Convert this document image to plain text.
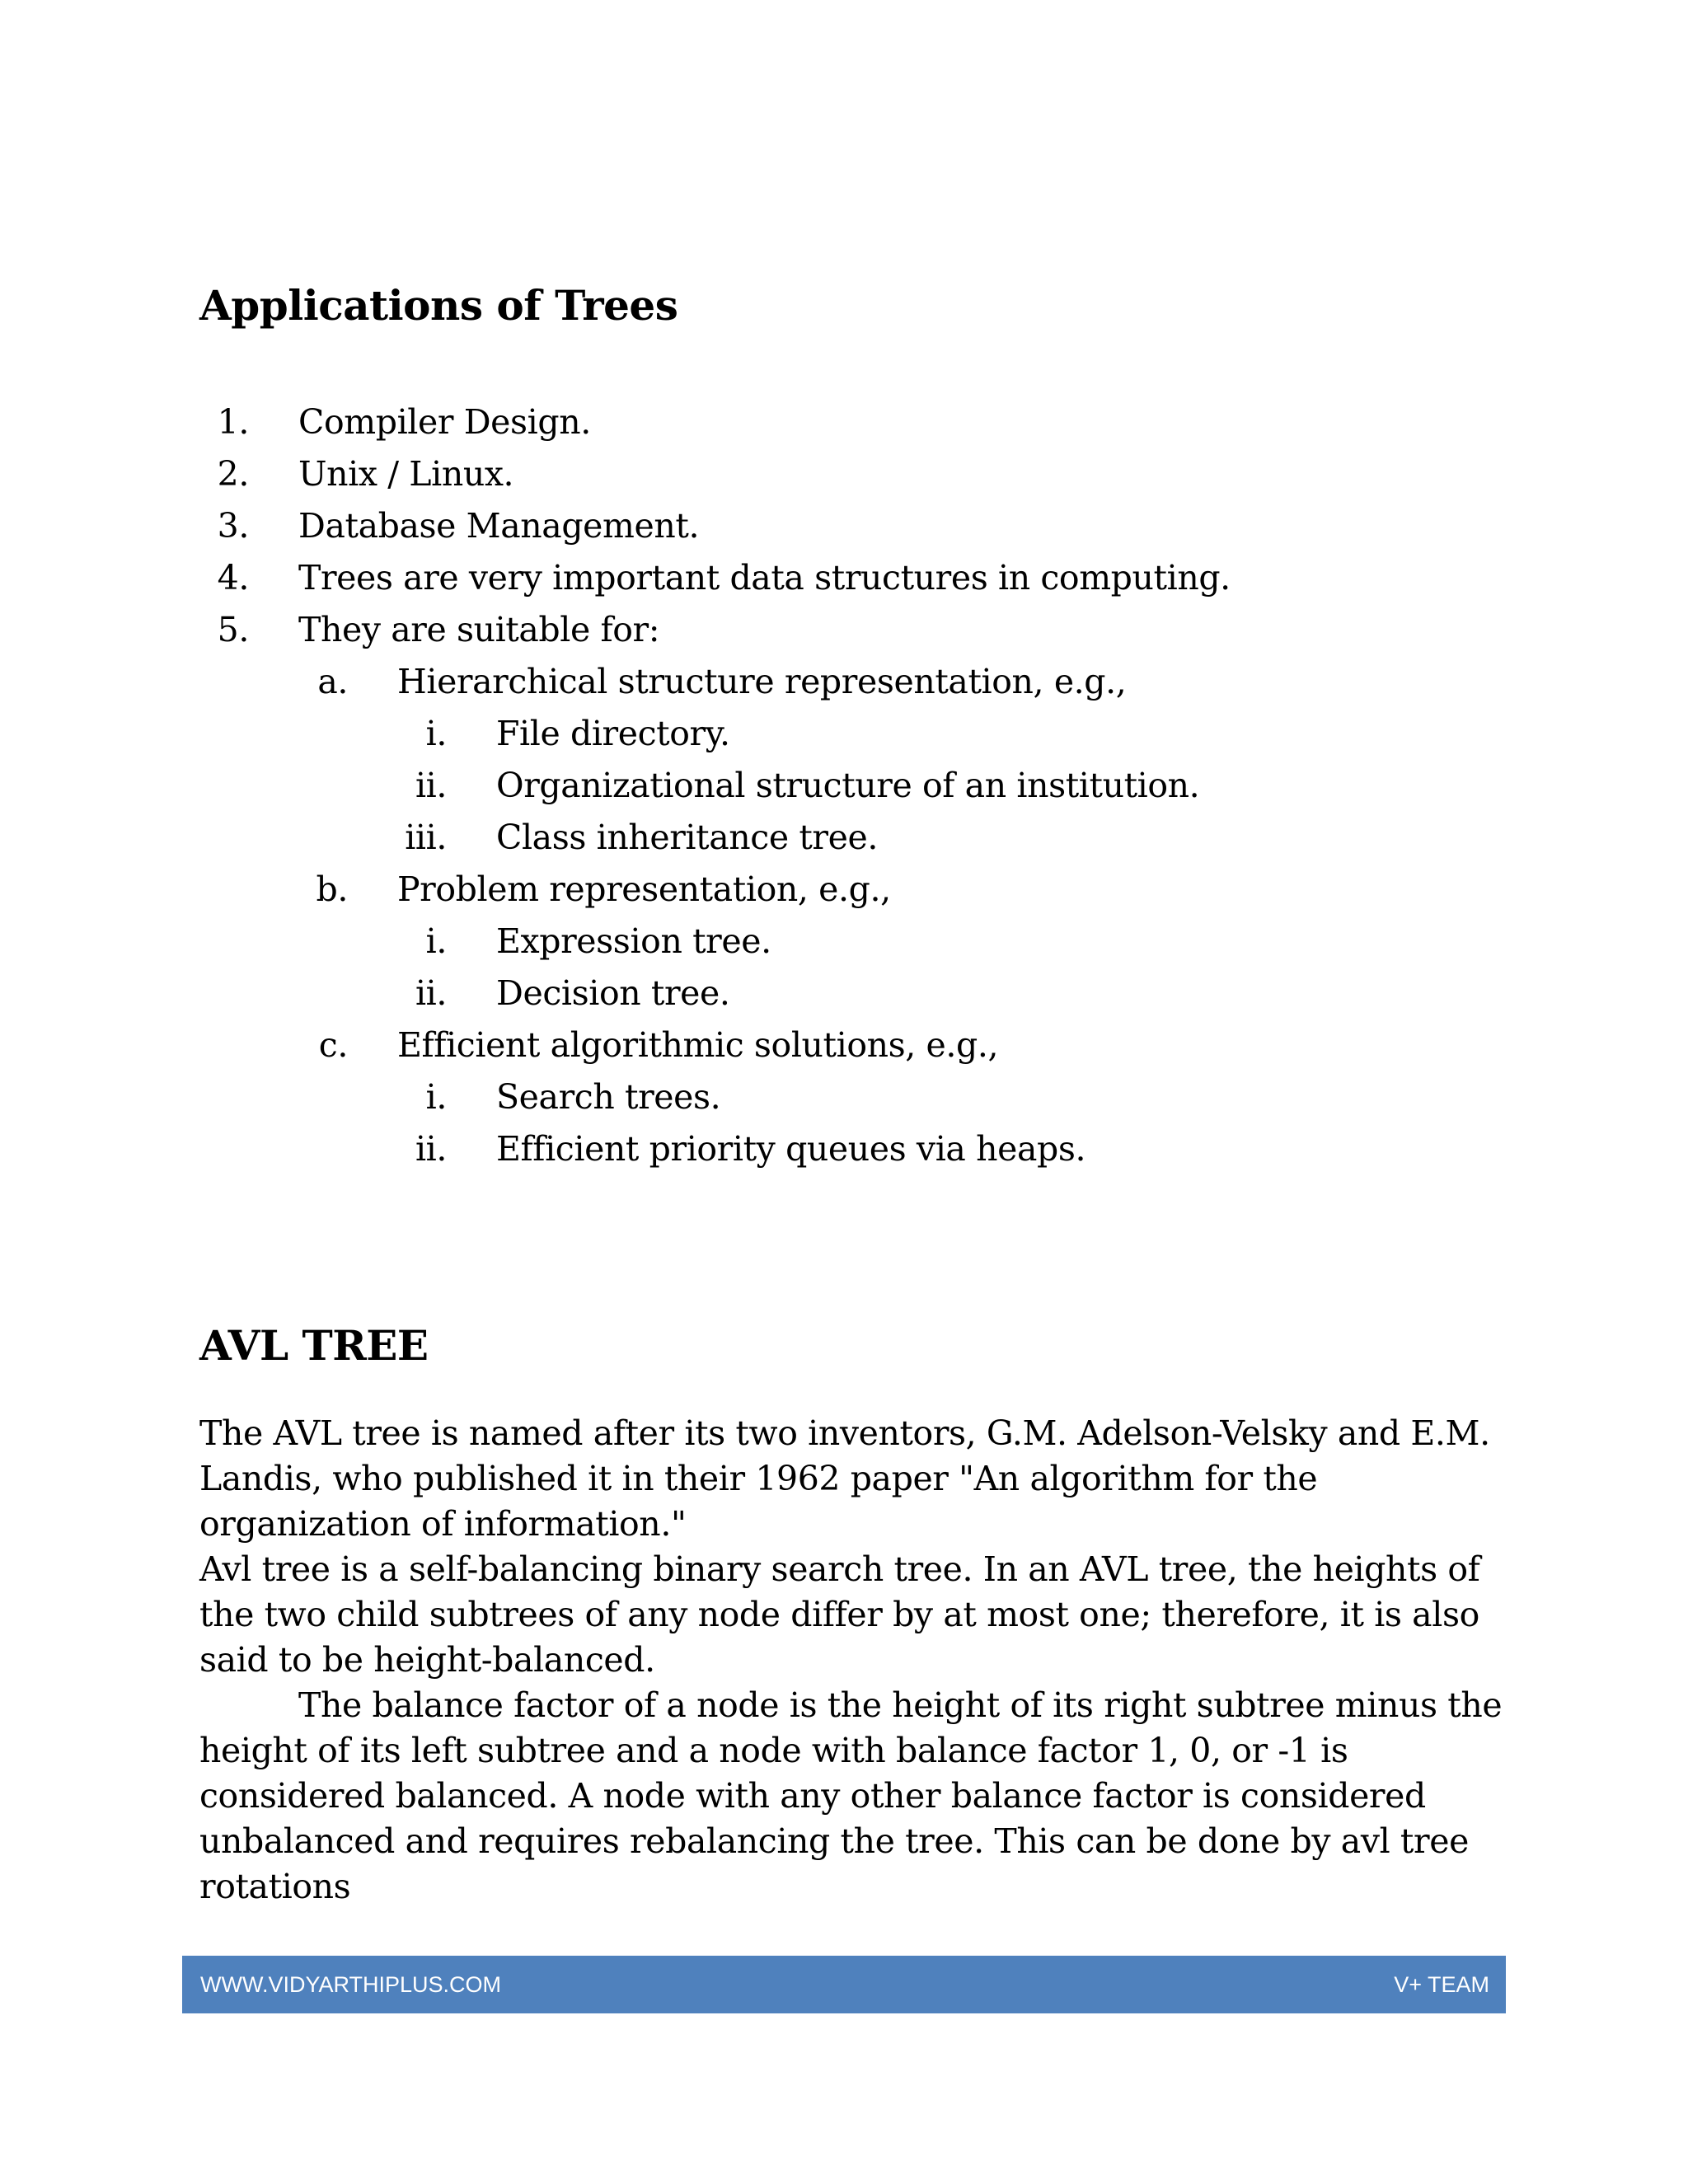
Applications of Trees
1. Compiler Design.
2. Unix / Linux.
3. Database Management.
4. Trees are very important data structures in computing.
5. They are suitable for:
a. Hierarchical structure representation, e.g.,
i. File directory.
ii. Organizational structure of an institution.
iii. Class inheritance tree.
b. Problem representation, e.g.,
i. Expression tree.
ii. Decision tree.
c. Efficient algorithmic solutions, e.g.,
i. Search trees.
ii. Efficient priority queues via heaps.
AVL TREE
The AVL tree is named after its two inventors, G.M. Adelson-Velsky and E.M.
Landis, who published it in their 1962 paper "An algorithm for the
organization of information."
Avl tree is a self-balancing binary search tree. In an AVL tree, the heights of
the two child subtrees of any node differ by at most one; therefore, it is also
said to be height-balanced.
The balance factor of a node is the height of its right subtree minus the
height of its left subtree and a node with balance factor 1, 0, or -1 is
considered balanced. A node with any other balance factor is considered
unbalanced and requires rebalancing the tree. This can be done by avl tree
rotations
WWW.VIDYARTHIPLUS.COM	V+ TEAM
